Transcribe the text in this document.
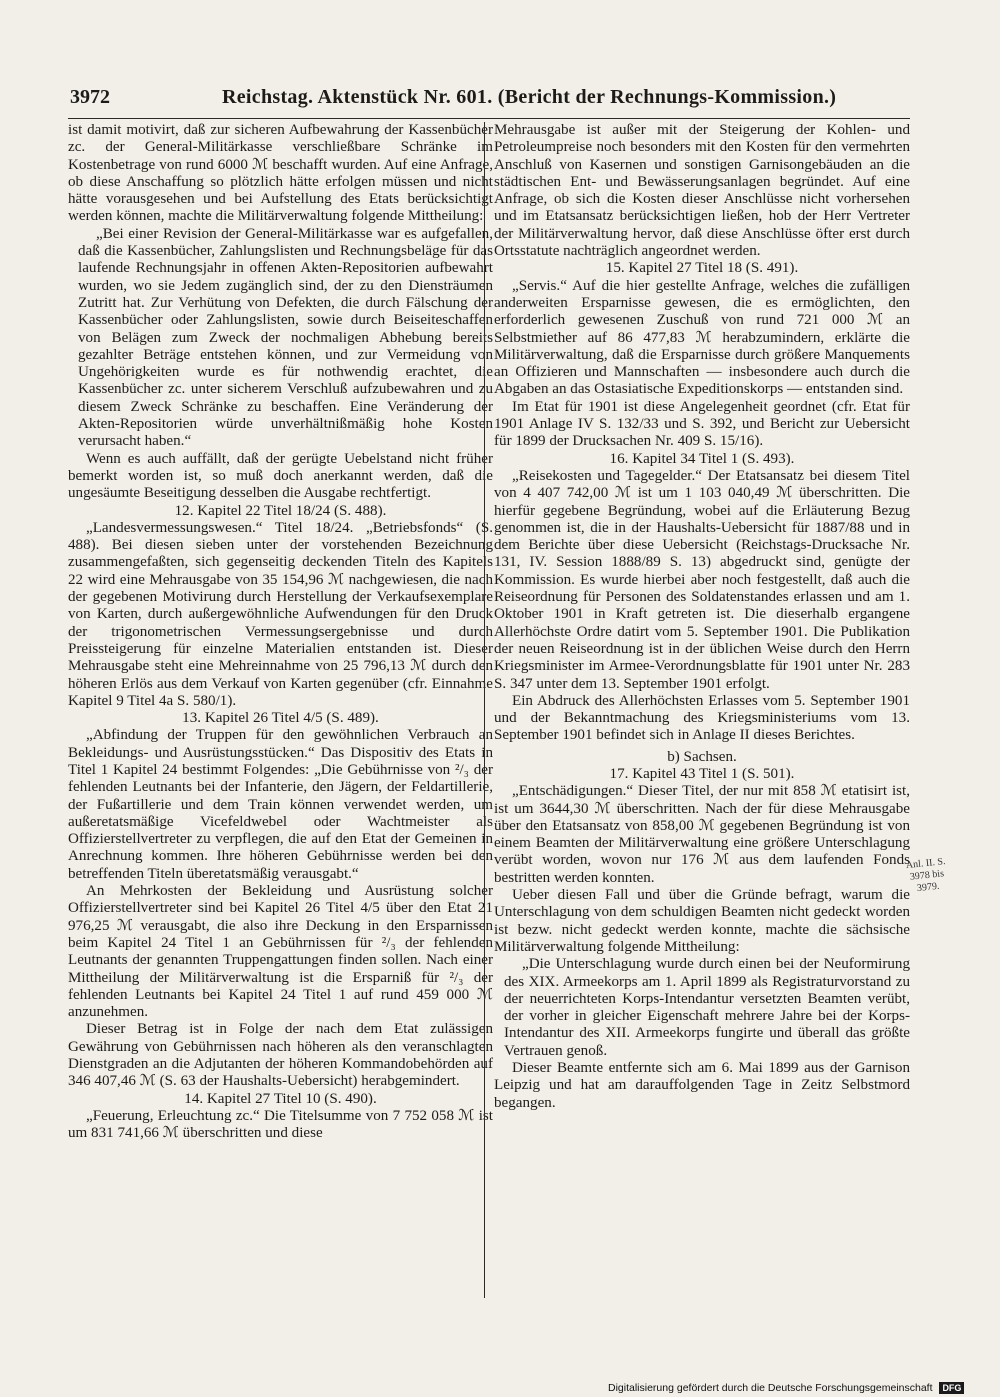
3972	Reichstag. Aktenstück Nr. 601. (Bericht der Rechnungs-Kommission.)

ist damit motivirt, daß zur sicheren Aufbewahrung der Kassenbücher zc. der General-Militärkasse verschließbare Schränke im Kostenbetrage von rund 6000 ℳ beschafft wurden. Auf eine Anfrage, ob diese Anschaffung so plötzlich hätte erfolgen müssen und nicht hätte vorausgesehen und bei Aufstellung des Etats berücksichtigt werden können, machte die Militärverwaltung folgende Mittheilung:

„Bei einer Revision der General-Militärkasse war es aufgefallen, daß die Kassenbücher, Zahlungslisten und Rechnungsbeläge für das laufende Rechnungsjahr in offenen Akten-Repositorien aufbewahrt wurden, wo sie Jedem zugänglich sind, der zu den Diensträumen Zutritt hat. Zur Verhütung von Defekten, die durch Fälschung der Kassenbücher oder Zahlungslisten, sowie durch Beiseiteschaffen von Belägen zum Zweck der nochmaligen Abhebung bereits gezahlter Beträge entstehen können, und zur Vermeidung von Ungehörigkeiten wurde es für nothwendig erachtet, die Kassenbücher zc. unter sicherem Verschluß aufzubewahren und zu diesem Zweck Schränke zu beschaffen. Eine Veränderung der Akten-Repositorien würde unverhältnißmäßig hohe Kosten verursacht haben.“

Wenn es auch auffällt, daß der gerügte Uebelstand nicht früher bemerkt worden ist, so muß doch anerkannt werden, daß die ungesäumte Beseitigung desselben die Ausgabe rechtfertigt.

12. Kapitel 22 Titel 18/24 (S. 488).

„Landesvermessungswesen.“ Titel 18/24. „Betriebsfonds“ (S. 488). Bei diesen sieben unter der vorstehenden Bezeichnung zusammengefaßten, sich gegenseitig deckenden Titeln des Kapitels 22 wird eine Mehrausgabe von 35 154,96 ℳ nachgewiesen, die nach der gegebenen Motivirung durch Herstellung der Verkaufsexemplare von Karten, durch außergewöhnliche Aufwendungen für den Druck der trigonometrischen Vermessungsergebnisse und durch Preissteigerung für einzelne Materialien entstanden ist. Dieser Mehrausgabe steht eine Mehreinnahme von 25 796,13 ℳ durch den höheren Erlös aus dem Verkauf von Karten gegenüber (cfr. Einnahme Kapitel 9 Titel 4a S. 580/1).

13. Kapitel 26 Titel 4/5 (S. 489).

„Abfindung der Truppen für den gewöhnlichen Verbrauch an Bekleidungs- und Ausrüstungsstücken.“ Das Dispositiv des Etats in Titel 1 Kapitel 24 bestimmt Folgendes: „Die Gebührnisse von ²/₃ der fehlenden Leutnants bei der Infanterie, den Jägern, der Feldartillerie, der Fußartillerie und dem Train können verwendet werden, um außeretatsmäßige Vicefeldwebel oder Wachtmeister als Offizierstellvertreter zu verpflegen, die auf den Etat der Gemeinen in Anrechnung kommen. Ihre höheren Gebührnisse werden bei den betreffenden Titeln überetatsmäßig verausgabt.“

An Mehrkosten der Bekleidung und Ausrüstung solcher Offizierstellvertreter sind bei Kapitel 26 Titel 4/5 über den Etat 21 976,25 ℳ verausgabt, die also ihre Deckung in den Ersparnissen beim Kapitel 24 Titel 1 an Gebührnissen für ²/₃ der fehlenden Leutnants der genannten Truppengattungen finden sollen. Nach einer Mittheilung der Militärverwaltung ist die Ersparniß für ²/₃ der fehlenden Leutnants bei Kapitel 24 Titel 1 auf rund 459 000 ℳ anzunehmen.

Dieser Betrag ist in Folge der nach dem Etat zulässigen Gewährung von Gebührnissen nach höheren als den veranschlagten Dienstgraden an die Adjutanten der höheren Kommandobehörden auf 346 407,46 ℳ (S. 63 der Haushalts-Uebersicht) herabgemindert.

14. Kapitel 27 Titel 10 (S. 490).

„Feuerung, Erleuchtung zc.“ Die Titelsumme von 7 752 058 ℳ ist um 831 741,66 ℳ überschritten und diese

Mehrausgabe ist außer mit der Steigerung der Kohlen- und Petroleumpreise noch besonders mit den Kosten für den vermehrten Anschluß von Kasernen und sonstigen Garnisongebäuden an die städtischen Ent- und Bewässerungsanlagen begründet. Auf eine Anfrage, ob sich die Kosten dieser Anschlüsse nicht vorhersehen und im Etatsansatz berücksichtigen ließen, hob der Herr Vertreter der Militärverwaltung hervor, daß diese Anschlüsse öfter erst durch Ortsstatute nachträglich angeordnet werden.

15. Kapitel 27 Titel 18 (S. 491).

„Servis.“ Auf die hier gestellte Anfrage, welches die zufälligen anderweiten Ersparnisse gewesen, die es ermöglichten, den erforderlich gewesenen Zuschuß von rund 721 000 ℳ an Selbstmiether auf 86 477,83 ℳ herabzumindern, erklärte die Militärverwaltung, daß die Ersparnisse durch größere Manquements an Offizieren und Mannschaften — insbesondere auch durch die Abgaben an das Ostasiatische Expeditionskorps — entstanden sind.

Im Etat für 1901 ist diese Angelegenheit geordnet (cfr. Etat für 1901 Anlage IV S. 132/33 und S. 392, und Bericht zur Uebersicht für 1899 der Drucksachen Nr. 409 S. 15/16).

16. Kapitel 34 Titel 1 (S. 493).

„Reisekosten und Tagegelder.“ Der Etatsansatz bei diesem Titel von 4 407 742,00 ℳ ist um 1 103 040,49 ℳ überschritten. Die hierfür gegebene Begründung, wobei auf die Erläuterung Bezug genommen ist, die in der Haushalts-Uebersicht für 1887/88 und in dem Berichte über diese Uebersicht (Reichstags-Drucksache Nr. 131, IV. Session 1888/89 S. 13) abgedruckt sind, genügte der Kommission. Es wurde hierbei aber noch festgestellt, daß auch die Reiseordnung für Personen des Soldatenstandes erlassen und am 1. Oktober 1901 in Kraft getreten ist. Die dieserhalb ergangene Allerhöchste Ordre datirt vom 5. September 1901. Die Publikation der neuen Reiseordnung ist in der üblichen Weise durch den Herrn Kriegsminister im Armee-Verordnungsblatte für 1901 unter Nr. 283 S. 347 unter dem 13. September 1901 erfolgt.

Ein Abdruck des Allerhöchsten Erlasses vom 5. September 1901 und der Bekanntmachung des Kriegsministeriums vom 13. September 1901 befindet sich in Anlage II dieses Berichtes.

b) Sachsen.

17. Kapitel 43 Titel 1 (S. 501).

„Entschädigungen.“ Dieser Titel, der nur mit 858 ℳ etatisirt ist, ist um 3644,30 ℳ überschritten. Nach der für diese Mehrausgabe über den Etatsansatz von 858,00 ℳ gegebenen Begründung ist von einem Beamten der Militärverwaltung eine größere Unterschlagung verübt worden, wovon nur 176 ℳ aus dem laufenden Fonds bestritten werden konnten.

Ueber diesen Fall und über die Gründe befragt, warum die Unterschlagung von dem schuldigen Beamten nicht gedeckt worden ist bezw. nicht gedeckt werden konnte, machte die sächsische Militärverwaltung folgende Mittheilung:

„Die Unterschlagung wurde durch einen bei der Neuformirung des XIX. Armeekorps am 1. April 1899 als Registraturvorstand zu der neuerrichteten Korps-Intendantur versetzten Beamten verübt, der vorher in gleicher Eigenschaft mehrere Jahre bei der Korps-Intendantur des XII. Armeekorps fungirte und überall das größte Vertrauen genoß.

Dieser Beamte entfernte sich am 6. Mai 1899 aus der Garnison Leipzig und hat am darauffolgenden Tage in Zeitz Selbstmord begangen.

Anl. II. S. 3978 bis 3979.
Digitalisierung gefördert durch die Deutsche Forschungsgemeinschaft DFG
